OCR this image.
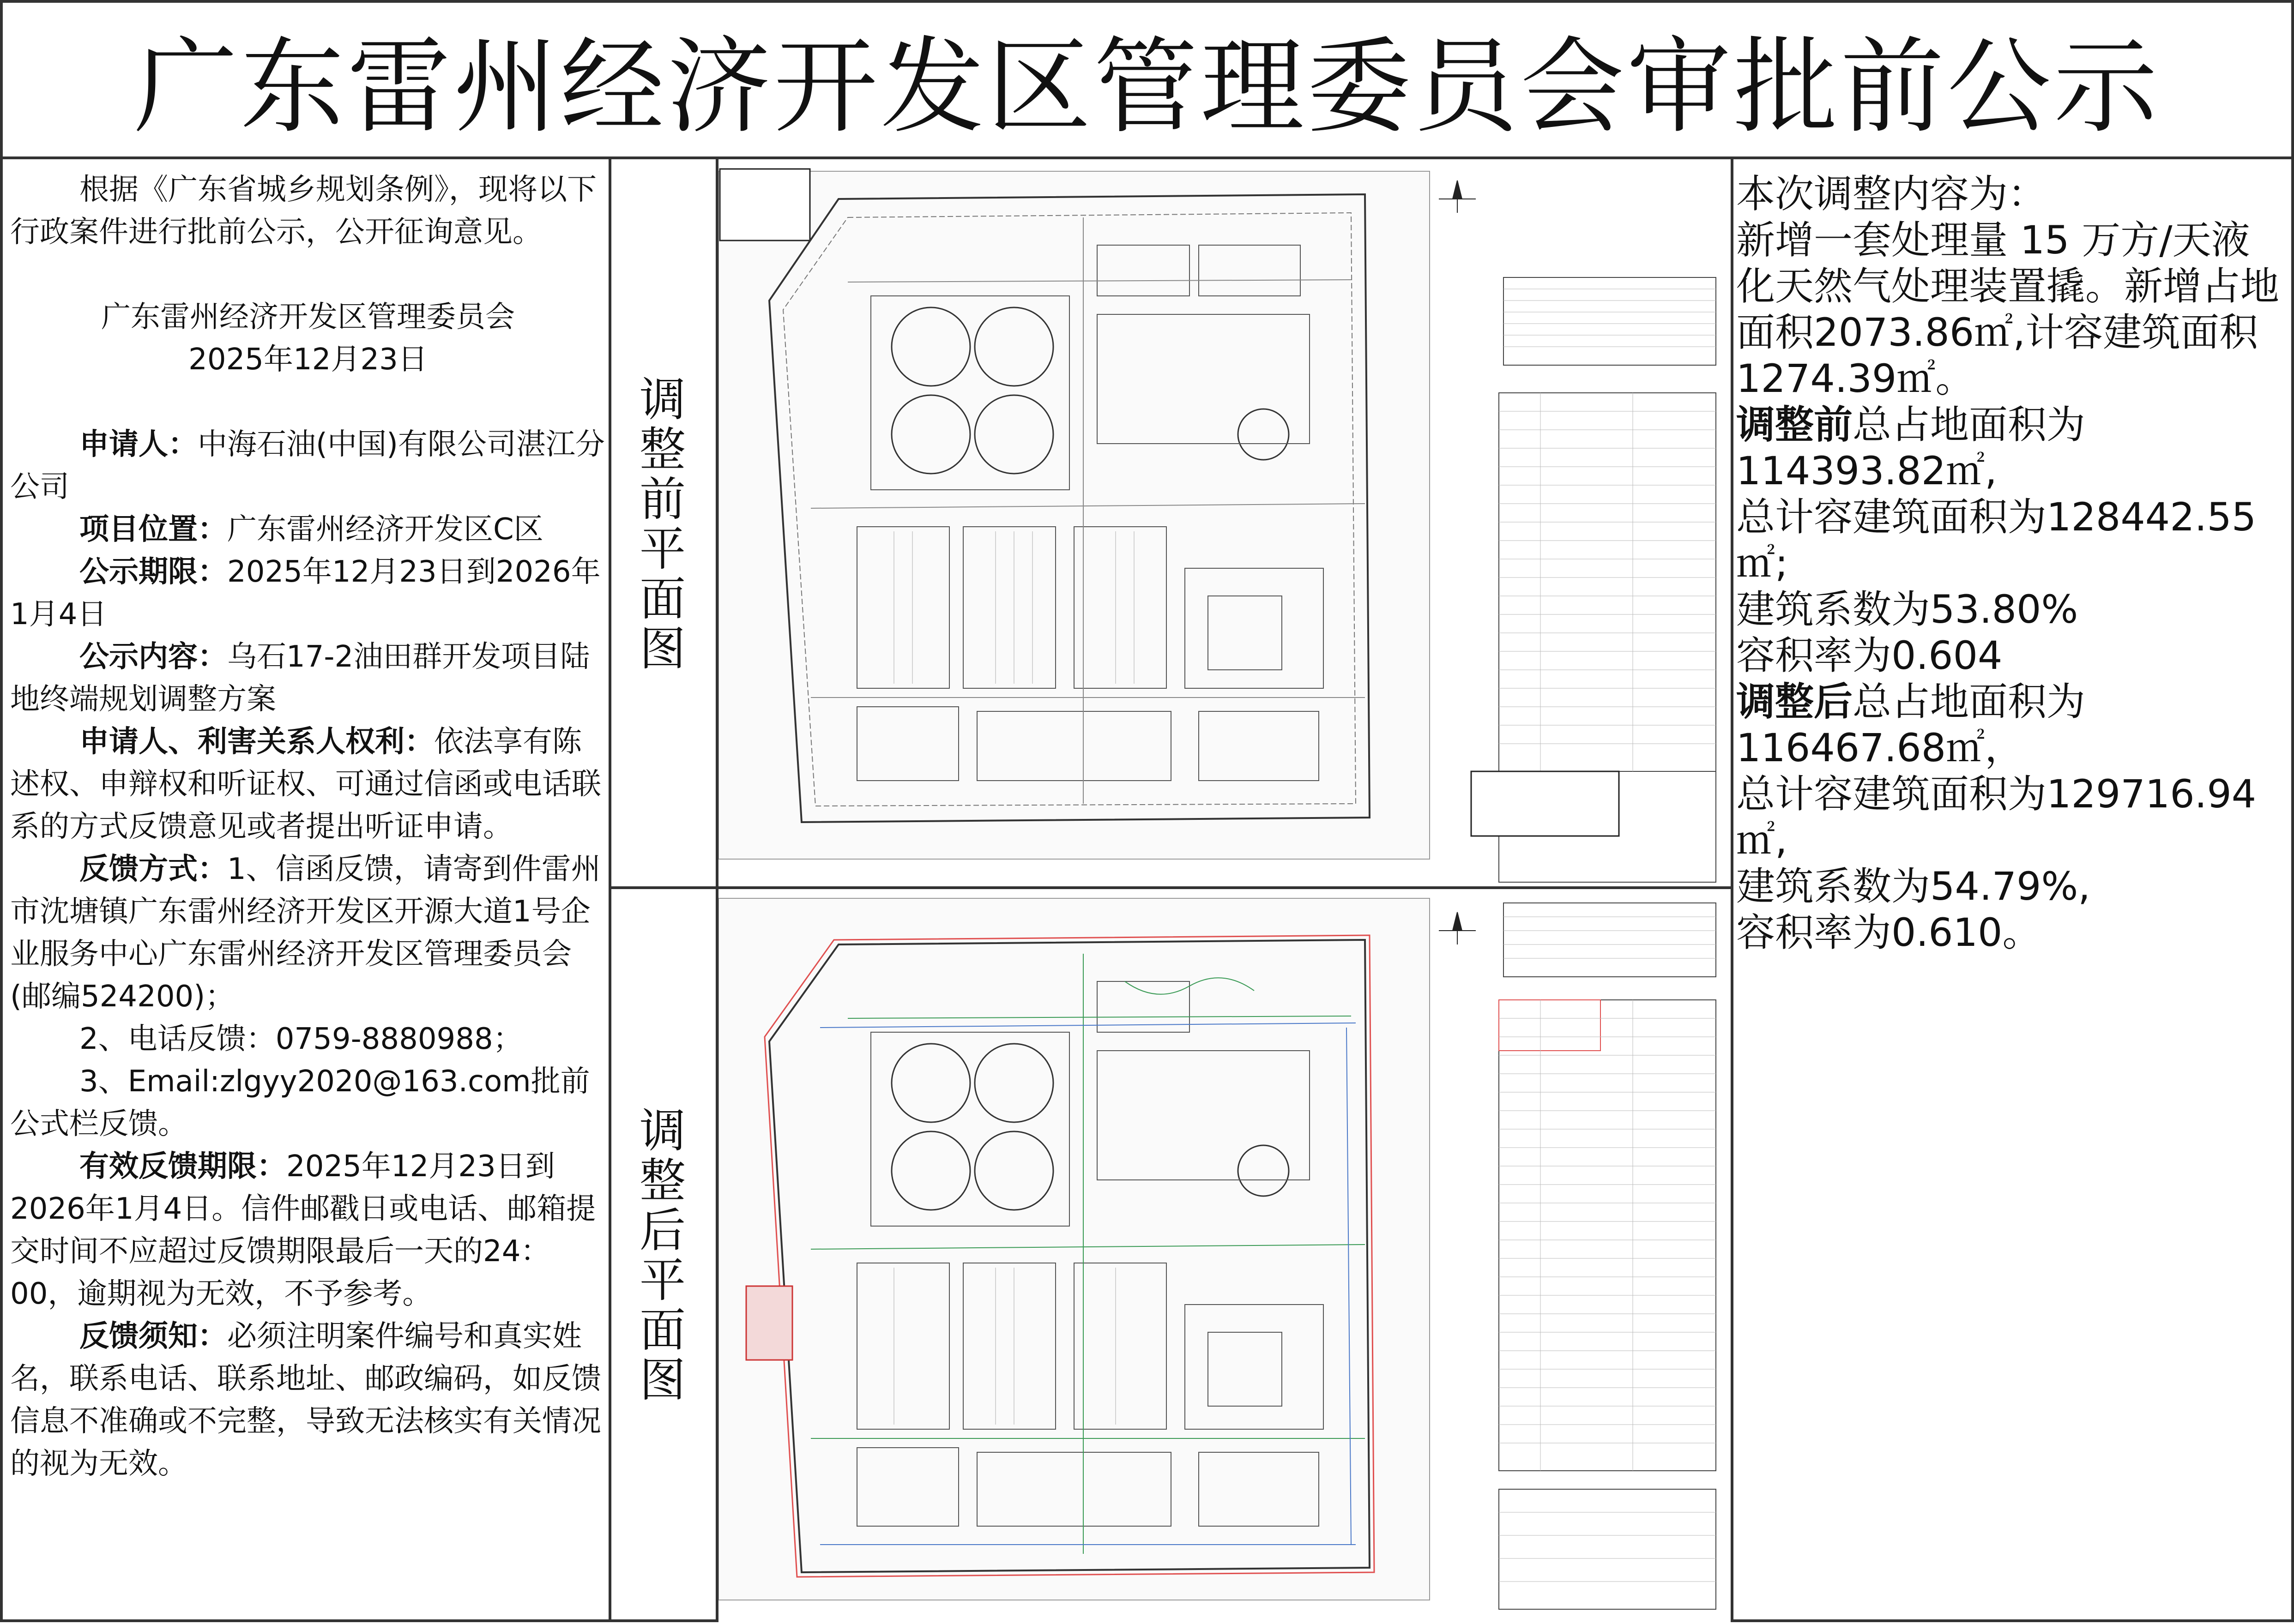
广东雷州经济开发区管理委员会审批前公示

根据《广东省城乡规划条例》，现将以下行政案件进行批前公示，公开征询意见。

广东雷州经济开发区管理委员会

2025年12月23日

申请人：中海石油(中国)有限公司湛江分公司

项目位置：广东雷州经济开发区C区

公示期限：2025年12月23日到2026年1月4日

公示内容：乌石17-2油田群开发项目陆地终端规划调整方案

申请人、利害关系人权利：依法享有陈述权、申辩权和听证权、可通过信函或电话联系的方式反馈意见或者提出听证申请。

反馈方式：1、信函反馈，请寄到件雷州市沈塘镇广东雷州经济开发区开源大道1号企业服务中心广东雷州经济开发区管理委员会(邮编524200)；

2、电话反馈：0759-8880988；

3、Email:zlgyy2020@163.com批前公式栏反馈。

有效反馈期限：2025年12月23日到2026年1月4日。信件邮戳日或电话、邮箱提交时间不应超过反馈期限最后一天的24：00，逾期视为无效，不予参考。

反馈须知：必须注明案件编号和真实姓名，联系电话、联系地址、邮政编码，如反馈信息不准确或不完整，导致无法核实有关情况的视为无效。

调整前平面图
调整后平面图

本次调整内容为：

新增一套处理量 15 万方/天液化天然气处理装置撬。新增占地面积2073.86㎡,计容建筑面积1274.39㎡。

调整前总占地面积为114393.82㎡,

总计容建筑面积为128442.55㎡;

建筑系数为53.80%

容积率为0.604

调整后总占地面积为116467.68㎡，

总计容建筑面积为129716.94㎡,

建筑系数为54.79%,

容积率为0.610。
